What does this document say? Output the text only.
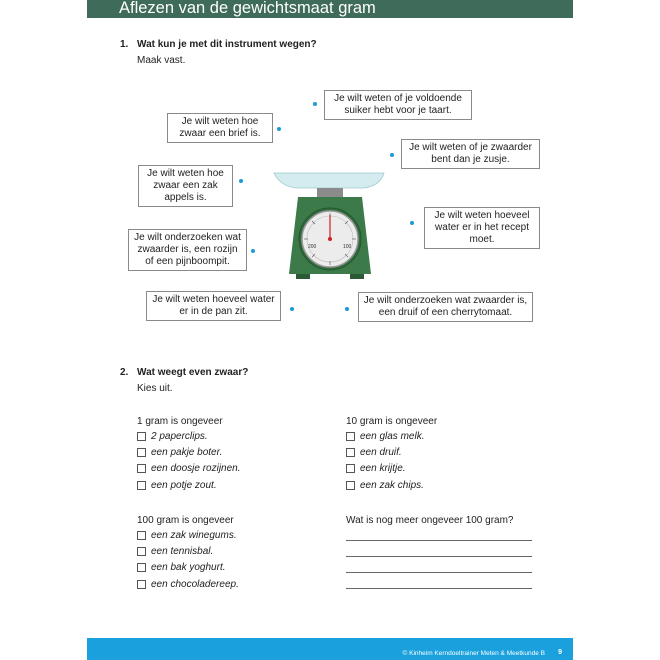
Aflezen van de gewichtsmaat gram
1. Wat kun je met dit instrument wegen?
Maak vast.
Je wilt weten hoe
zwaar een brief is.
Je wilt weten hoe
zwaar een zak
appels is.
Je wilt onderzoeken wat
zwaarder is, een rozijn
of een pijnboompit.
Je wilt weten hoeveel water
er in de pan zit.
Je wilt weten of je voldoende
suiker hebt voor je taart.
Je wilt weten of je zwaarder
bent dan je zusje.
Je wilt weten hoeveel
water er in het recept
moet.
Je wilt onderzoeken wat zwaarder is,
een druif of een cherrytomaat.
200	100
2. Wat weegt even zwaar?
Kies uit.
1 gram is ongeveer
2 paperclips.
een pakje boter.
een doosje rozijnen.
een potje zout.
10 gram is ongeveer
een glas melk.
een druif.
een krijtje.
een zak chips.
100 gram is ongeveer
een zak winegums.
een tennisbal.
een bak yoghurt.
een chocoladereep.
Wat is nog meer ongeveer 100 gram?
© Kinheim Kerndoeltrainer Meten & Meetkunde B 9
